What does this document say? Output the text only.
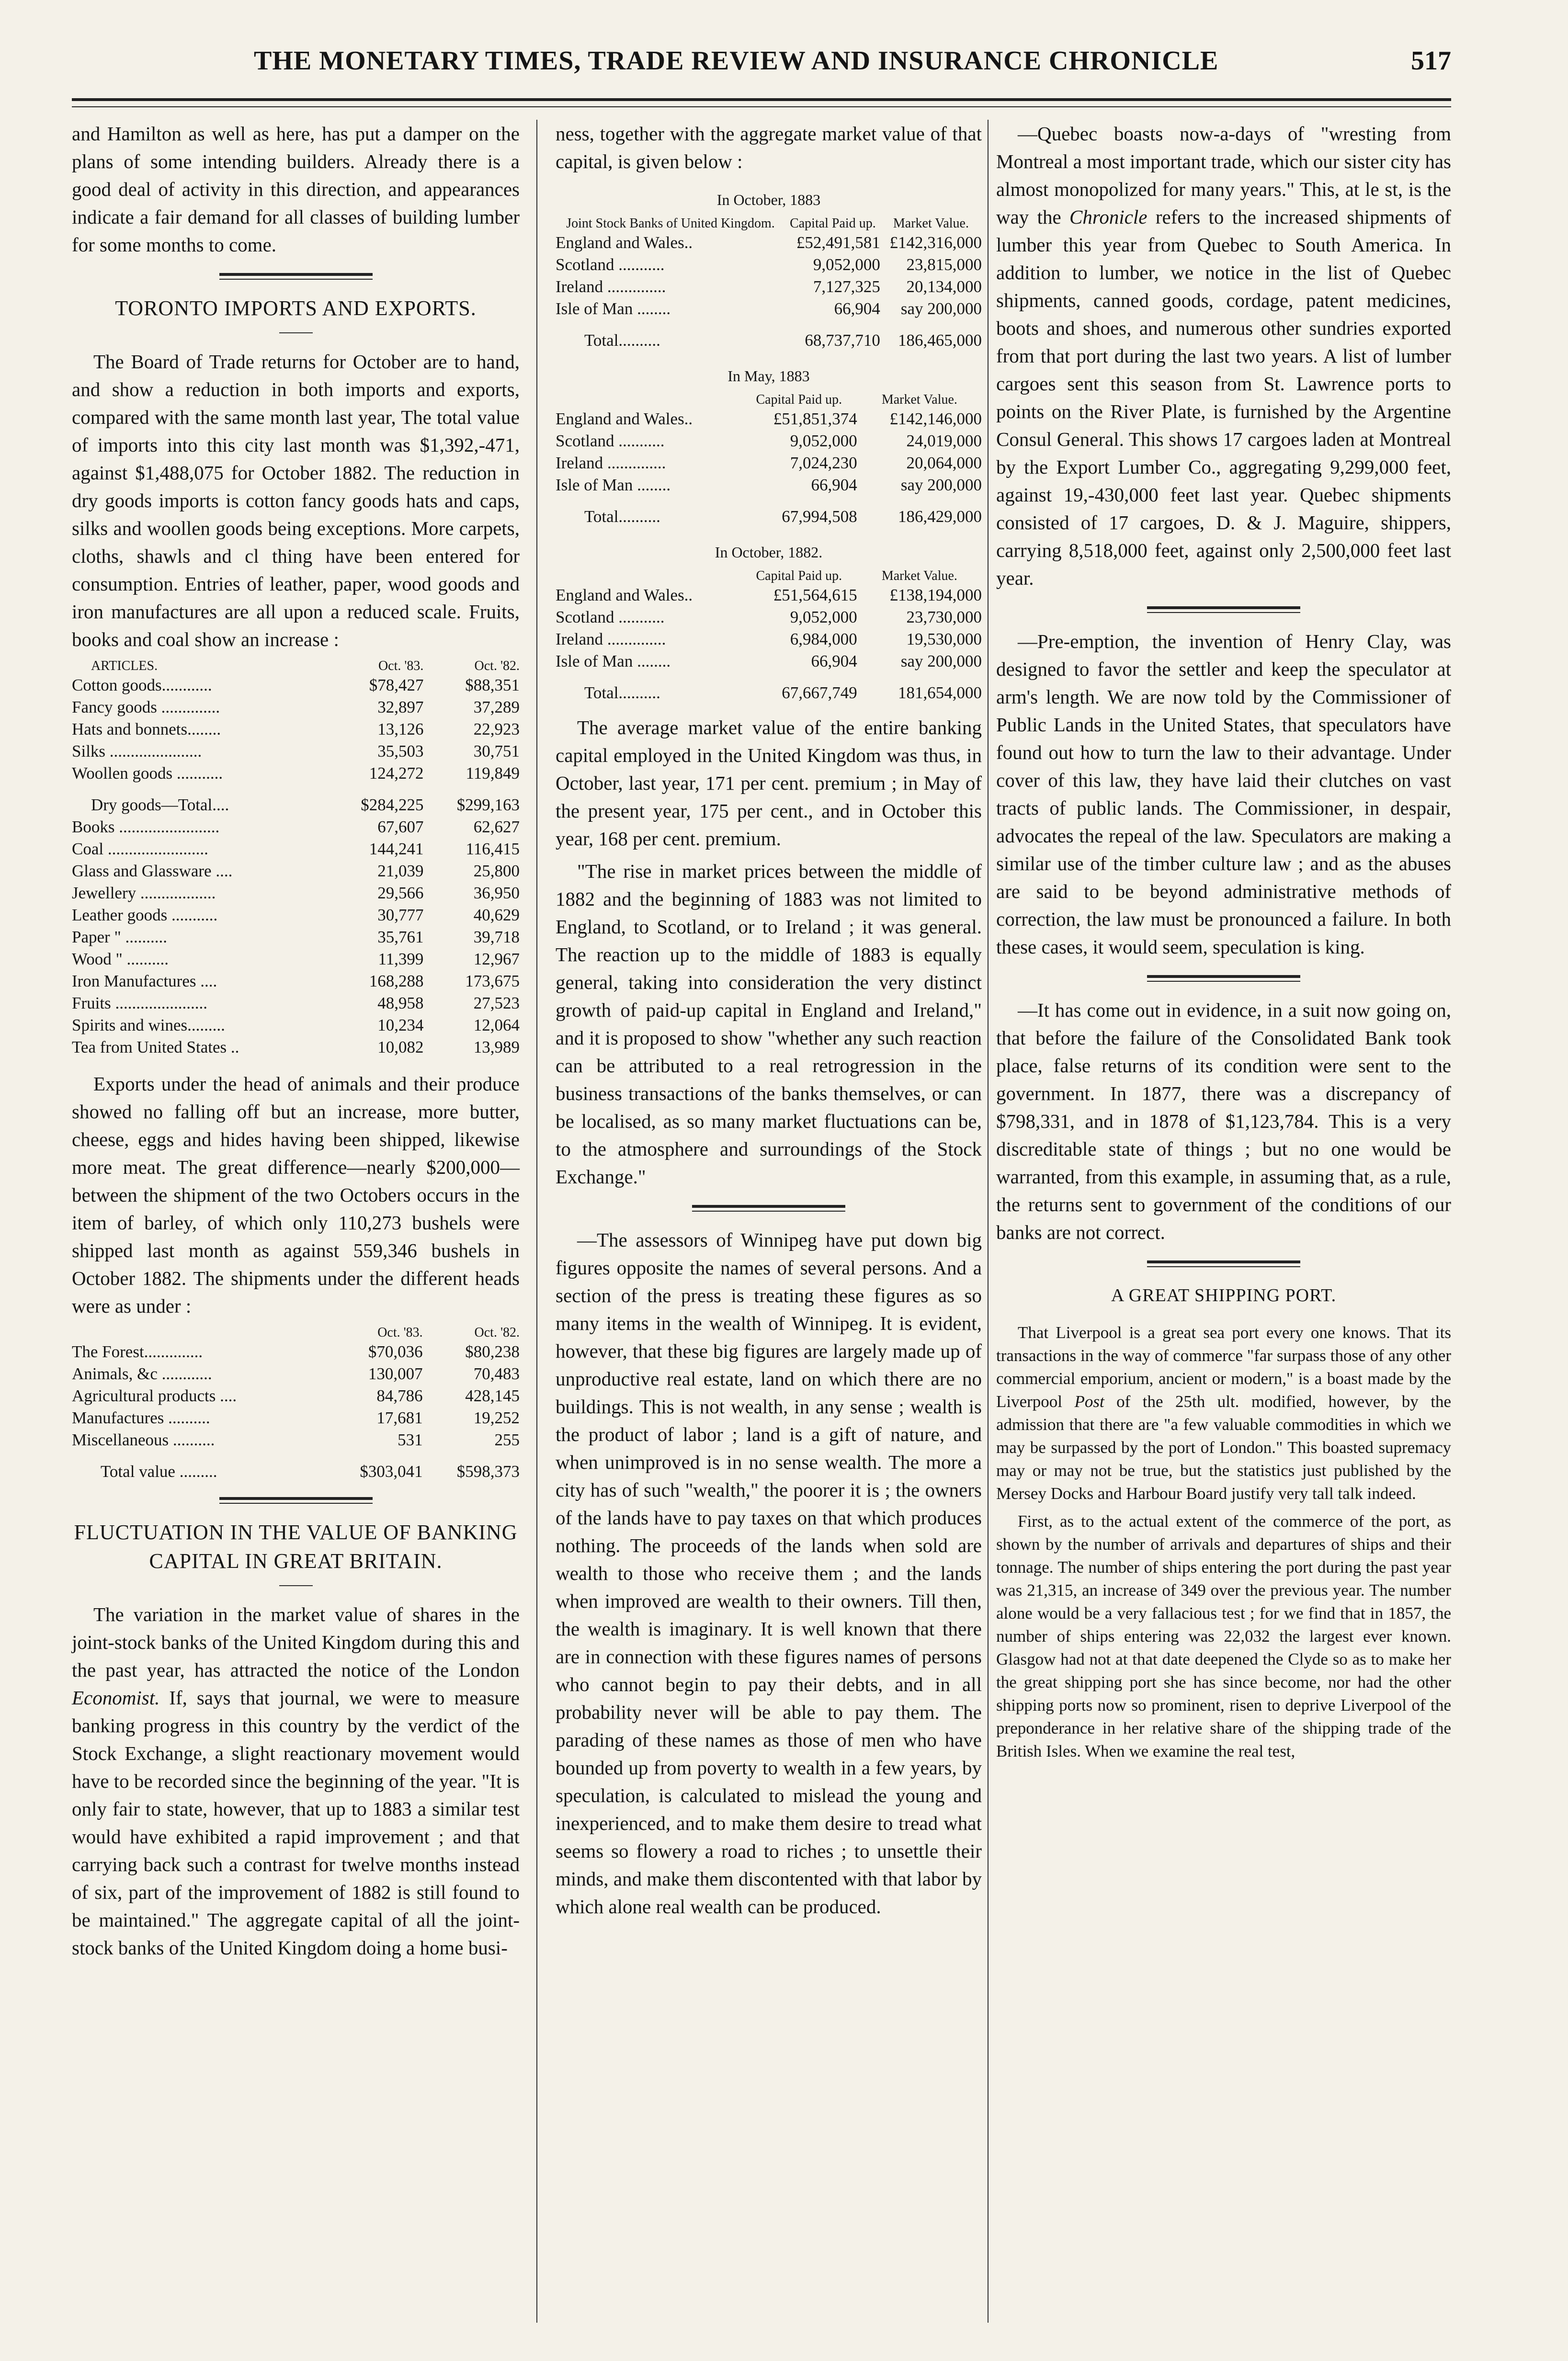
THE MONETARY TIMES, TRADE REVIEW AND INSURANCE CHRONICLE	517

and Hamilton as well as here, has put a damper on the plans of some intending builders. Already there is a good deal of activity in this direction, and appearances indicate a fair demand for all classes of building lumber for some months to come.

TORONTO IMPORTS AND EXPORTS.

The Board of Trade returns for October are to hand, and show a reduction in both imports and exports, compared with the same month last year, The total value of imports into this city last month was $1,392,-471, against $1,488,075 for October 1882. The reduction in dry goods imports is cotton fancy goods hats and caps, silks and woollen goods being exceptions. More carpets, cloths, shawls and cl thing have been entered for consumption. Entries of leather, paper, wood goods and iron manufactures are all upon a reduced scale. Fruits, books and coal show an increase :

ARTICLES.	Oct. '83.	Oct. '82.
Cotton goods............	$78,427	$88,351
Fancy goods ..............	32,897	37,289
Hats and bonnets........	13,126	22,923
Silks ......................	35,503	30,751
Woollen goods ...........	124,272	119,849
Dry goods—Total....	$284,225	$299,163
Books ........................	67,607	62,627
Coal ........................	144,241	116,415
Glass and Glassware ....	21,039	25,800
Jewellery ..................	29,566	36,950
Leather goods ...........	30,777	40,629
Paper " ..........	35,761	39,718
Wood " ..........	11,399	12,967
Iron Manufactures ....	168,288	173,675
Fruits ......................	48,958	27,523
Spirits and wines.........	10,234	12,064
Tea from United States ..	10,082	13,989

Exports under the head of animals and their produce showed no falling off but an increase, more butter, cheese, eggs and hides having been shipped, likewise more meat. The great difference—nearly $200,000—between the shipment of the two Octobers occurs in the item of barley, of which only 110,273 bushels were shipped last month as against 559,346 bushels in October 1882. The shipments under the different heads were as under :

	Oct. '83.	Oct. '82.
The Forest..............	$70,036	$80,238
Animals, &c ............	130,007	70,483
Agricultural products ....	84,786	428,145
Manufactures ..........	17,681	19,252
Miscellaneous ..........	531	255
Total value .........	$303,041	$598,373
FLUCTUATION IN THE VALUE OF BANKING CAPITAL IN GREAT BRITAIN.

The variation in the market value of shares in the joint-stock banks of the United Kingdom during this and the past year, has attracted the notice of the London Economist. If, says that journal, we were to measure banking progress in this country by the verdict of the Stock Exchange, a slight reactionary movement would have to be recorded since the beginning of the year. "It is only fair to state, however, that up to 1883 a similar test would have exhibited a rapid improvement ; and that carrying back such a contrast for twelve months instead of six, part of the improvement of 1882 is still found to be maintained." The aggregate capital of all the joint-stock banks of the United Kingdom doing a home busi-

ness, together with the aggregate market value of that capital, is given below :

In October, 1883
Joint Stock Banks of United Kingdom.	Capital Paid up.	Market Value.
England and Wales..	£52,491,581	£142,316,000
Scotland ...........	9,052,000	23,815,000
Ireland ..............	7,127,325	20,134,000
Isle of Man ........	66,904	say 200,000
Total..........	68,737,710	186,465,000
In May, 1883
	Capital Paid up.	Market Value.
England and Wales..	£51,851,374	£142,146,000
Scotland ...........	9,052,000	24,019,000
Ireland ..............	7,024,230	20,064,000
Isle of Man ........	66,904	say 200,000
Total..........	67,994,508	186,429,000
In October, 1882.
	Capital Paid up.	Market Value.
England and Wales..	£51,564,615	£138,194,000
Scotland ...........	9,052,000	23,730,000
Ireland ..............	6,984,000	19,530,000
Isle of Man ........	66,904	say 200,000
Total..........	67,667,749	181,654,000

The average market value of the entire banking capital employed in the United Kingdom was thus, in October, last year, 171 per cent. premium ; in May of the present year, 175 per cent., and in October this year, 168 per cent. premium.

"The rise in market prices between the middle of 1882 and the beginning of 1883 was not limited to England, to Scotland, or to Ireland ; it was general. The reaction up to the middle of 1883 is equally general, taking into consideration the very distinct growth of paid-up capital in England and Ireland," and it is proposed to show "whether any such reaction can be attributed to a real retrogression in the business transactions of the banks themselves, or can be localised, as so many market fluctuations can be, to the atmosphere and surroundings of the Stock Exchange."

—The assessors of Winnipeg have put down big figures opposite the names of several persons. And a section of the press is treating these figures as so many items in the wealth of Winnipeg. It is evident, however, that these big figures are largely made up of unproductive real estate, land on which there are no buildings. This is not wealth, in any sense ; wealth is the product of labor ; land is a gift of nature, and when unimproved is in no sense wealth. The more a city has of such "wealth," the poorer it is ; the owners of the lands have to pay taxes on that which produces nothing. The proceeds of the lands when sold are wealth to those who receive them ; and the lands when improved are wealth to their owners. Till then, the wealth is imaginary. It is well known that there are in connection with these figures names of persons who cannot begin to pay their debts, and in all probability never will be able to pay them. The parading of these names as those of men who have bounded up from poverty to wealth in a few years, by speculation, is calculated to mislead the young and inexperienced, and to make them desire to tread what seems so flowery a road to riches ; to unsettle their minds, and make them discontented with that labor by which alone real wealth can be produced.

—Quebec boasts now-a-days of "wresting from Montreal a most important trade, which our sister city has almost monopolized for many years." This, at le st, is the way the Chronicle refers to the increased shipments of lumber this year from Quebec to South America. In addition to lumber, we notice in the list of Quebec shipments, canned goods, cordage, patent medicines, boots and shoes, and numerous other sundries exported from that port during the last two years. A list of lumber cargoes sent this season from St. Lawrence ports to points on the River Plate, is furnished by the Argentine Consul General. This shows 17 cargoes laden at Montreal by the Export Lumber Co., aggregating 9,299,000 feet, against 19,-430,000 feet last year. Quebec shipments consisted of 17 cargoes, D. & J. Maguire, shippers, carrying 8,518,000 feet, against only 2,500,000 feet last year.

—Pre-emption, the invention of Henry Clay, was designed to favor the settler and keep the speculator at arm's length. We are now told by the Commissioner of Public Lands in the United States, that speculators have found out how to turn the law to their advantage. Under cover of this law, they have laid their clutches on vast tracts of public lands. The Commissioner, in despair, advocates the repeal of the law. Speculators are making a similar use of the timber culture law ; and as the abuses are said to be beyond administrative methods of correction, the law must be pronounced a failure. In both these cases, it would seem, speculation is king.

—It has come out in evidence, in a suit now going on, that before the failure of the Consolidated Bank took place, false returns of its condition were sent to the government. In 1877, there was a discrepancy of $798,331, and in 1878 of $1,123,784. This is a very discreditable state of things ; but no one would be warranted, from this example, in assuming that, as a rule, the returns sent to government of the conditions of our banks are not correct.

A GREAT SHIPPING PORT.

That Liverpool is a great sea port every one knows. That its transactions in the way of commerce "far surpass those of any other commercial emporium, ancient or modern," is a boast made by the Liverpool Post of the 25th ult. modified, however, by the admission that there are "a few valuable commodities in which we may be surpassed by the port of London." This boasted supremacy may or may not be true, but the statistics just published by the Mersey Docks and Harbour Board justify very tall talk indeed.

First, as to the actual extent of the commerce of the port, as shown by the number of arrivals and departures of ships and their tonnage. The number of ships entering the port during the past year was 21,315, an increase of 349 over the previous year. The number alone would be a very fallacious test ; for we find that in 1857, the number of ships entering was 22,032 the largest ever known. Glasgow had not at that date deepened the Clyde so as to make her the great shipping port she has since become, nor had the other shipping ports now so prominent, risen to deprive Liverpool of the preponderance in her relative share of the shipping trade of the British Isles. When we examine the real test,
